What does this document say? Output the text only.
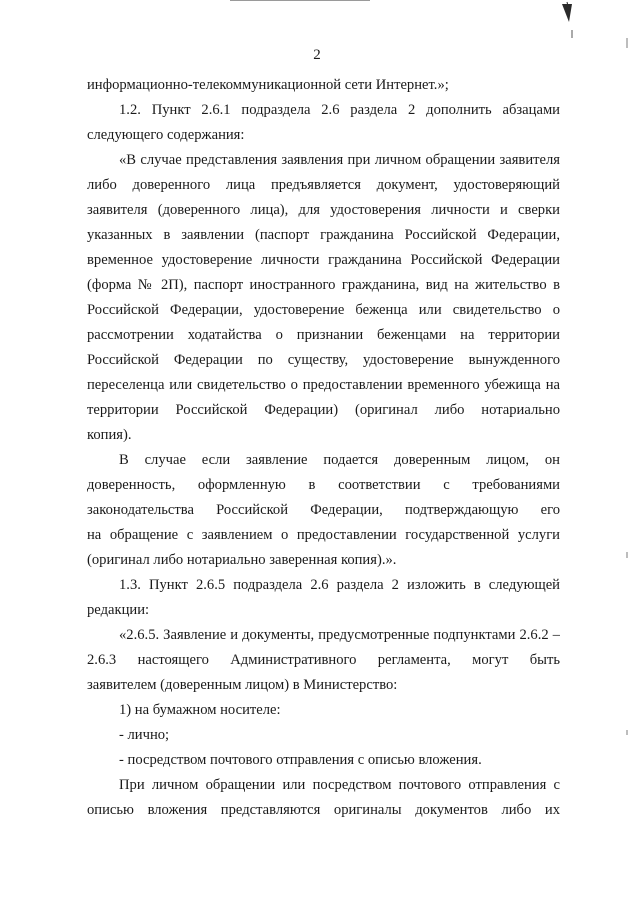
2
информационно-телекоммуникационной сети Интернет.»;
1.2. Пункт 2.6.1 подраздела 2.6 раздела 2 дополнить абзацами
следующего содержания:
«В случае представления заявления при личном обращении заявителя
либо доверенного лица предъявляется документ, удостоверяющий
заявителя (доверенного лица), для удостоверения личности и сверки
указанных в заявлении (паспорт гражданина Российской Федерации,
временное удостоверение личности гражданина Российской Федерации
(форма № 2П), паспорт иностранного гражданина, вид на жительство в
Российской Федерации, удостоверение беженца или свидетельство о
рассмотрении ходатайства о признании беженцами на территории
Российской Федерации по существу, удостоверение вынужденного
переселенца или свидетельство о предоставлении временного убежища на
территории Российской Федерации) (оригинал либо нотариально
копия).
В случае если заявление подается доверенным лицом, он
доверенность, оформленную в соответствии с требованиями
законодательства Российской Федерации, подтверждающую его
на обращение с заявлением о предоставлении государственной услуги
(оригинал либо нотариально заверенная копия).».
1.3. Пункт 2.6.5 подраздела 2.6 раздела 2 изложить в следующей
редакции:
«2.6.5. Заявление и документы, предусмотренные подпунктами 2.6.2 –
2.6.3 настоящего Административного регламента, могут быть
заявителем (доверенным лицом) в Министерство:
1) на бумажном носителе:
- лично;
- посредством почтового отправления с описью вложения.
При личном обращении или посредством почтового отправления с
описью вложения представляются оригиналы документов либо их
